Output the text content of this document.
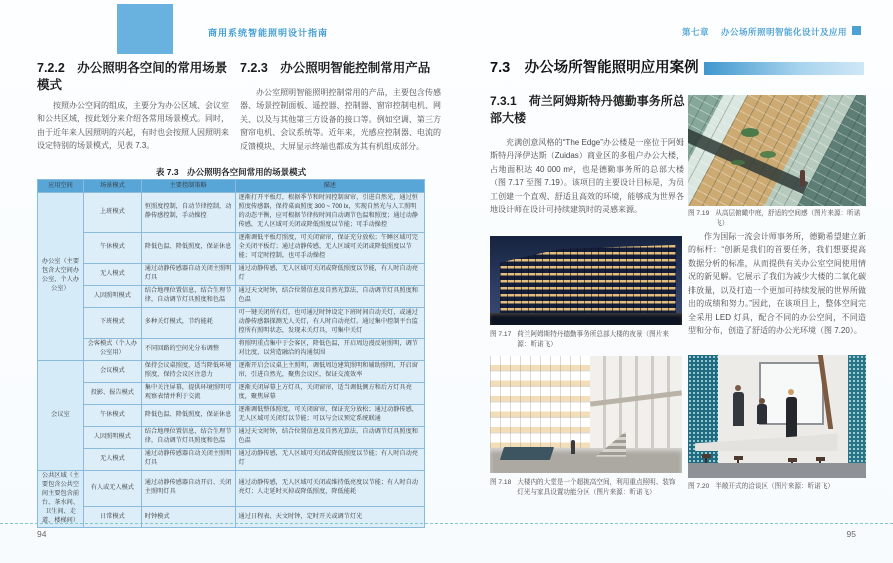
商用系统智能照明设计指南	第七章 办公场所照明智能化设计及应用
7.2.2　办公照明各空间的常用场景模式
按照办公空间的组成，主要分为办公区域、会议室和公共区域，按此划分来介绍各常用场景模式。同时，由于近年来人因照明的兴起，有时也会按照人因照明来设定特别的场景模式，见表 7.3。
7.2.3　办公照明智能控制常用产品
办公室照明智能照明控制常用的产品，主要包含传感器、场景控制面板、遥控器、控制器、窗帘控制电机、网关、以及与其他第三方设备的接口等。例如空调、第三方窗帘电机、会议系统等。近年来，光感应控制器、电流的反馈模块、大屏显示终端也都成为其有机组成部分。
表 7.3　办公照明各空间常用的场景模式
应用空间	场景模式	主要控制策略	描述
办公室（主要包含大空间办公室、个人办公室）	上班模式	恒照度控制，自动节律控制，动静传感控制，手动操控	逐渐打开平板灯，根据季节和时间控制窗帘，引进自然光，通过恒照度传感器，保持桌面照度 300 ~ 700 lx，实现自然光与人工照明的动态平衡，应可根据节律按时间自动调节色温和照度；通过动静传感，无人区域可关闭或降低照度以节能；可手动操控
	午休模式	降低色温、降低照度，保证休息	逐渐调低平板灯照度，可关闭窗帘，保证充分放松；午睡区域可完全关闭平板灯；通过动静传感，无人区域可关闭或降低照度以节能；可定时控制，也可手动操控
	无人模式	通过动静传感器自动关闭主照明灯具	通过动静传感，无人区域可关闭或降低照度以节能，有人时自动亮灯
	人因照明模式	结合地理位置信息，结合生理节律，自动调节灯具照度和色温	通过天文时钟，结合位置信息及自然光算法，自动调节灯具照度和色温
	下班模式	多种关灯模式，节约能耗	可一键关闭所有灯，也可通过时钟设定下班时间自动关灯，或通过动静传感器探测无人关灯，有人时自动亮灯。通过集中控制平台监控所有照明状态，发现未关灯具，可集中关灯
	会客模式（个人办公室用）	不同回路的空间光分布调整	将照明重点集中于会客区，降低色温，开启周边漫反射照明，调节对比度，以营造融洽的沟通氛围
会议室	会议模式	保持会议桌照度，适当降低环境照度，保持会议区注意力	逐渐开启会议桌上主照明，调低周边建筑照明和辅助照明，开启窗帘，引进自然光，聚焦会议区，保证交流效率
	投影、报告模式	集中关注屏幕，提供环境照明可观察表情并利于交流	逐渐关闭屏幕上方灯具，关闭窗帘，适当调低侧方和后方灯具亮度，聚焦屏幕
	午休模式	降低色温、降低照度，保证休息	逐渐调低整体照度，可关闭窗帘，保证充分放松；通过动静传感，无人区域可关闭灯以节能；可以与会议预定系统联通
	人因照明模式	结合地理位置信息，结合生理节律，自动调节灯具照度和色温	通过天文时钟，结合位置信息及自然光算法，自动调节灯具照度和色温
	无人模式	通过动静传感器自动关闭主照明灯具	通过动静传感，无人区域可关闭或降低照度以节能；有人时自动亮灯
公共区域（主要包含公共空间主要包含前台、茶水间、卫生间、走道、楼梯间）	有人或无人模式	通过动静传感器自动开启、关闭主照明灯具	通过动静传感，无人区域可关闭或维持低亮度以节能；有人时自动亮灯；人走延时灭掉或降低照度，降低能耗
	日常模式	时钟模式	通过日程表、天文时钟，定时开关或调节灯光
7.3　办公场所智能照明应用案例
7.3.1　荷兰阿姆斯特丹德勤事务所总部大楼
充满创意风格的“The Edge”办公楼是一座位于阿姆斯特丹泽伊达斯（Zuidas）商业区的多租户办公大楼，占地面积达 40 000 m²，也是德勤事务所的总部大楼（图 7.17 至图 7.19）。该项目的主要设计目标是，为员工创建一个直观、舒适且高效的环境，能够成为世界各地设计师在设计可持续建筑时的灵感来源。
图 7.17 荷兰阿姆斯特丹德勤事务所总部大楼的夜景（图片来源：昕诺飞）
图 7.18 大楼内的大堂是一个超挑高空间，利用重点照明、装饰灯光与家具设置功能分区（图片来源：昕诺飞）
图 7.19 从高层俯瞰中庭，舒适的空间感（图片来源：昕诺飞）
作为国际一流会计师事务所，德勤希望建立新的标杆：“创新是我们的首要任务，我们想要提高数据分析的标准，从而提供有关办公室空间使用情况的新见解。它展示了我们为减少大楼的二氧化碳排放量，以及打造一个更加可持续发展的世界所做出的成绩和努力。”因此，在该项目上，整体空间完全采用 LED 灯具，配合不同的办公空间，不同造型和分布，创造了舒适的办公光环境（图 7.20）。
图 7.20 半敞开式的洽谈区（图片来源：昕诺飞）
94	95
